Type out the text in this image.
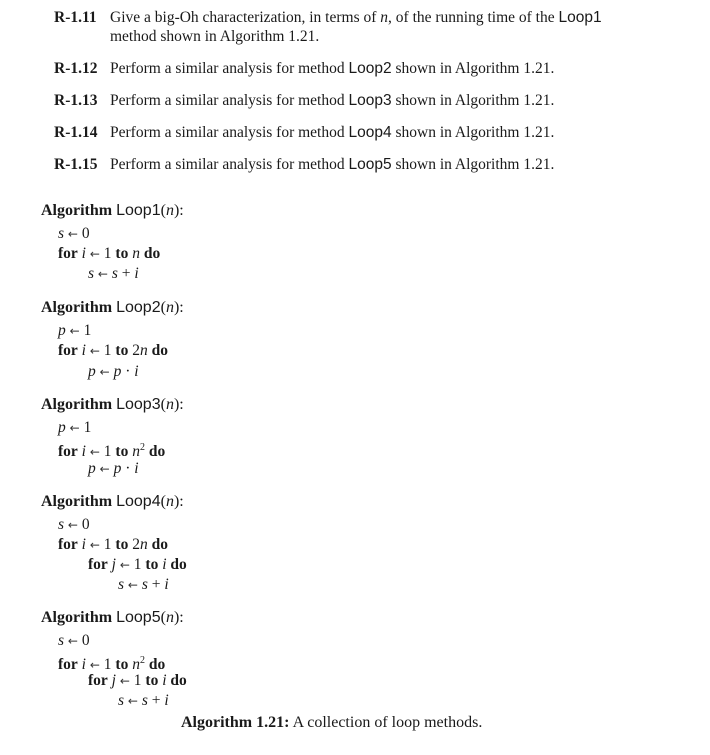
R-1.11 Give a big-Oh characterization, in terms of n, of the running time of the Loop1
method shown in Algorithm 1.21.
R-1.12 Perform a similar analysis for method Loop2 shown in Algorithm 1.21.
R-1.13 Perform a similar analysis for method Loop3 shown in Algorithm 1.21.
R-1.14 Perform a similar analysis for method Loop4 shown in Algorithm 1.21.
R-1.15 Perform a similar analysis for method Loop5 shown in Algorithm 1.21.
Algorithm Loop1(n):
s ← 0
for i ← 1 to n do
s ← s + i
Algorithm Loop2(n):
p ← 1
for i ← 1 to 2n do
p ← p · i
Algorithm Loop3(n):
p ← 1
for i ← 1 to $n^2$ do
p ← p · i
Algorithm Loop4(n):
s ← 0
for i ← 1 to 2n do
for j ← 1 to i do
s ← s + i
Algorithm Loop5(n):
s ← 0
for i ← 1 to $n^2$ do
for j ← 1 to i do
s ← s + i
Algorithm 1.21: A collection of loop methods.
